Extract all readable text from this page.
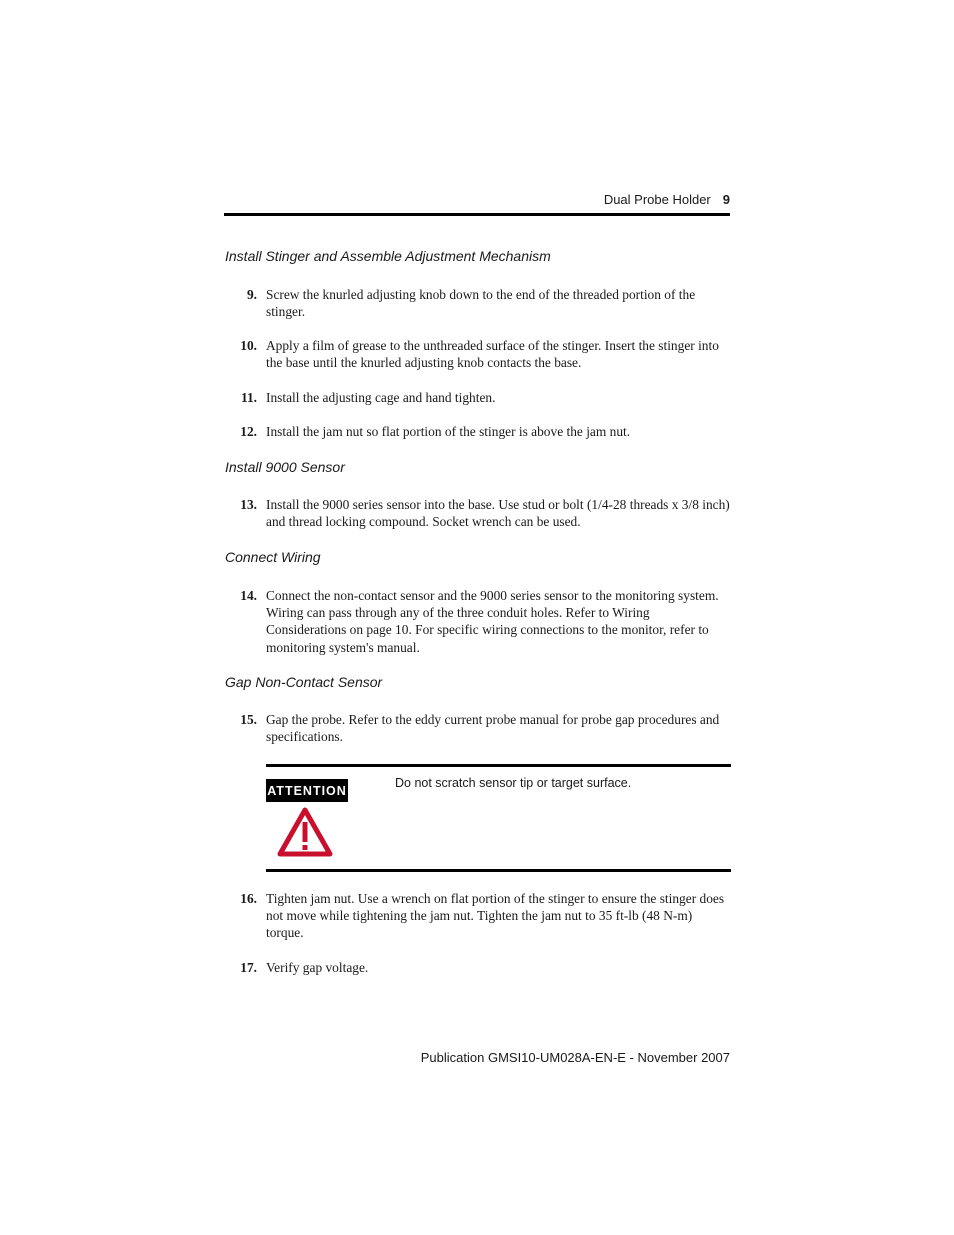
Dual Probe Holder 9
Install Stinger and Assemble Adjustment Mechanism
9. Screw the knurled adjusting knob down to the end of the threaded portion of the stinger.
10. Apply a film of grease to the unthreaded surface of the stinger. Insert the stinger into the base until the knurled adjusting knob contacts the base.
11. Install the adjusting cage and hand tighten.
12. Install the jam nut so flat portion of the stinger is above the jam nut.
Install 9000 Sensor
13. Install the 9000 series sensor into the base. Use stud or bolt (1/4-28 threads x 3/8 inch) and thread locking compound. Socket wrench can be used.
Connect Wiring
14. Connect the non-contact sensor and the 9000 series sensor to the monitoring system. Wiring can pass through any of the three conduit holes. Refer to Wiring Considerations on page 10. For specific wiring connections to the monitor, refer to monitoring system's manual.
Gap Non-Contact Sensor
15. Gap the probe. Refer to the eddy current probe manual for probe gap procedures and specifications.
ATTENTION
Do not scratch sensor tip or target surface.
16. Tighten jam nut. Use a wrench on flat portion of the stinger to ensure the stinger does not move while tightening the jam nut. Tighten the jam nut to 35 ft-lb (48 N-m) torque.
17. Verify gap voltage.
Publication GMSI10-UM028A-EN-E - November 2007
